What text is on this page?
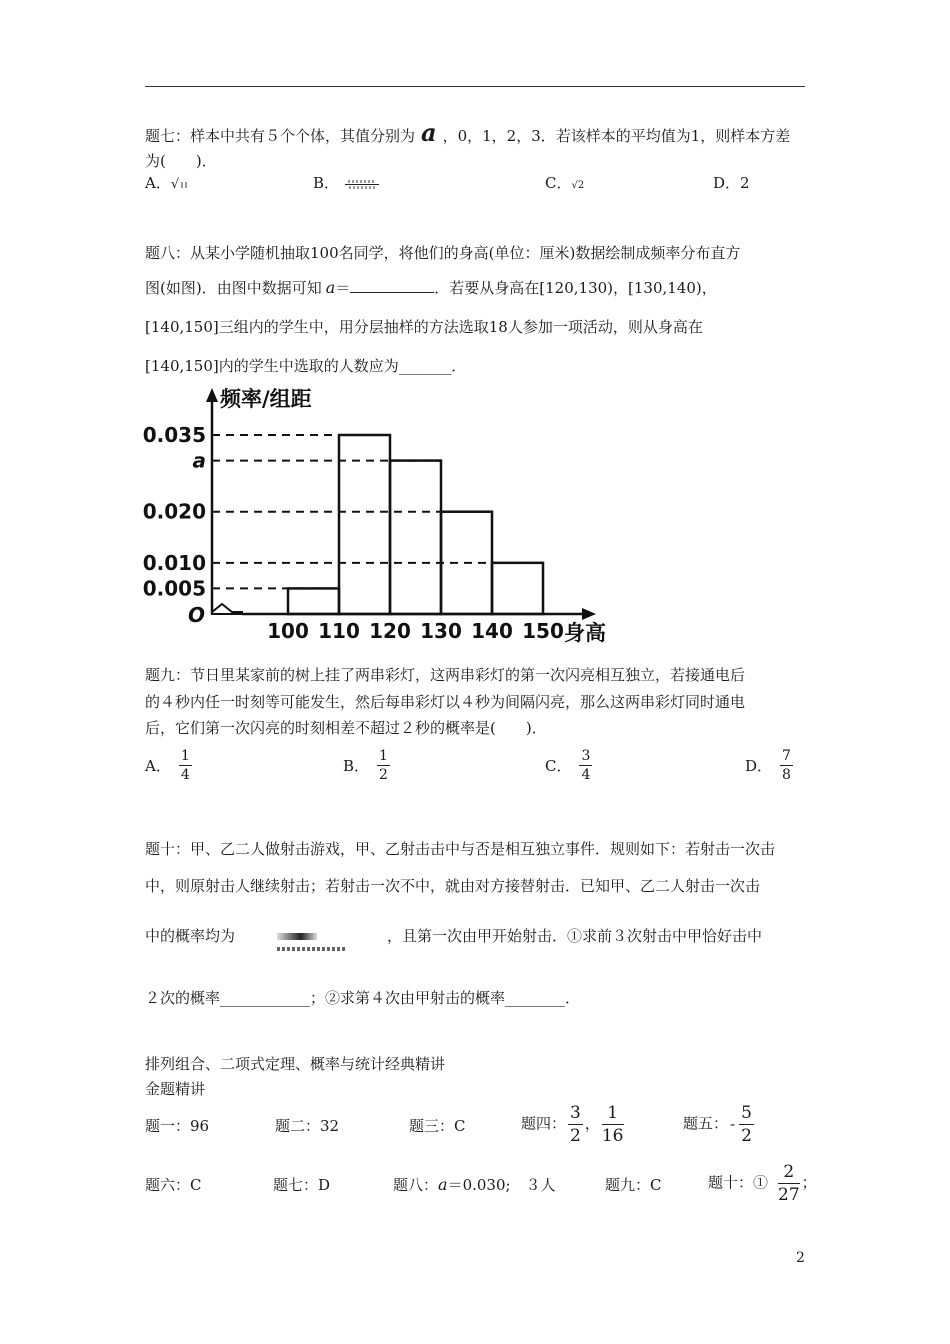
题七：样本中共有５个个体，其值分别为 a ，0，1，2，3．若该样本的平均值为1，则样本方差
为(　　)．
A．√	B．	C．√2	D．2
题八：从某小学随机抽取100名同学，将他们的身高(单位：厘米)数据绘制成频率分布直方
图(如图)．由图中数据可知 a＝	．若要从身高在[120,130)，[130,140)，
[140,150]三组内的学生中，用分层抽样的方法选取18人参加一项活动，则从身高在
[140,150]内的学生中选取的人数应为_______．
频率/组距
0.035
a
0.020
0.010
0.005
100 110 120 130 140 150
O
身高
题九：节日里某家前的树上挂了两串彩灯，这两串彩灯的第一次闪亮相互独立，若接通电后
的４秒内任一时刻等可能发生，然后每串彩灯以４秒为间隔闪亮，那么这两串彩灯同时通电
后，它们第一次闪亮的时刻相差不超过２秒的概率是(　　)．
A． $\frac{1}{4}$	B． $\frac{1}{2}$	C． $\frac{3}{4}$	D． $\frac{7}{8}$
题十：甲、乙二人做射击游戏，甲、乙射击击中与否是相互独立事件．规则如下：若射击一次击
中，则原射击人继续射击；若射击一次不中，就由对方接替射击．已知甲、乙二人射击一次击
中的概率均为	，且第一次由甲开始射击．①求前３次射击中甲恰好击中
２次的概率____________；②求第４次由甲射击的概率________．
排列组合、二项式定理、概率与统计经典精讲
金题精讲
题一：96	题二：32	题三：C	题四： $\frac{3}{2}$ ， $\frac{1}{16}$	题五： - $\frac{5}{2}$
题六：C	题七：D	题八：a＝0.030;　３人	题九：C	题十：① $\frac{2}{27}$ ；
2
